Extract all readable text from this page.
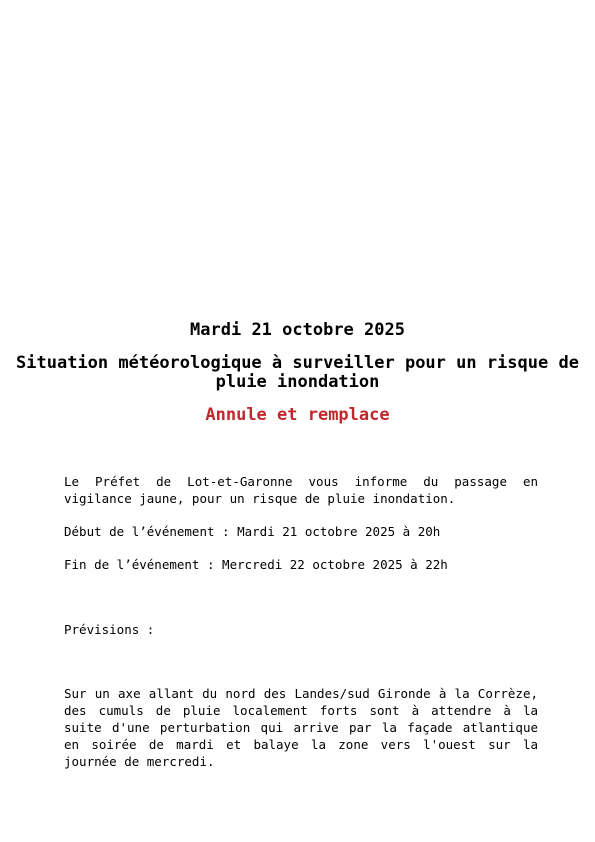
Mardi 21 octobre 2025
Situation météorologique à surveiller pour un risque de pluie inondation
Annule et remplace

Le Préfet de Lot-et-Garonne vous informe du passage en vigilance jaune, pour un risque de pluie inondation.

Début de l’événement : Mardi 21 octobre 2025 à 20h

Fin de l’événement : Mercredi 22 octobre 2025 à 22h

Prévisions :

Sur un axe allant du nord des Landes/sud Gironde à la Corrèze, des cumuls de pluie localement forts sont à attendre à la suite d'une perturbation qui arrive par la façade atlantique en soirée de mardi et balaye la zone vers l'ouest sur la journée de mercredi.
